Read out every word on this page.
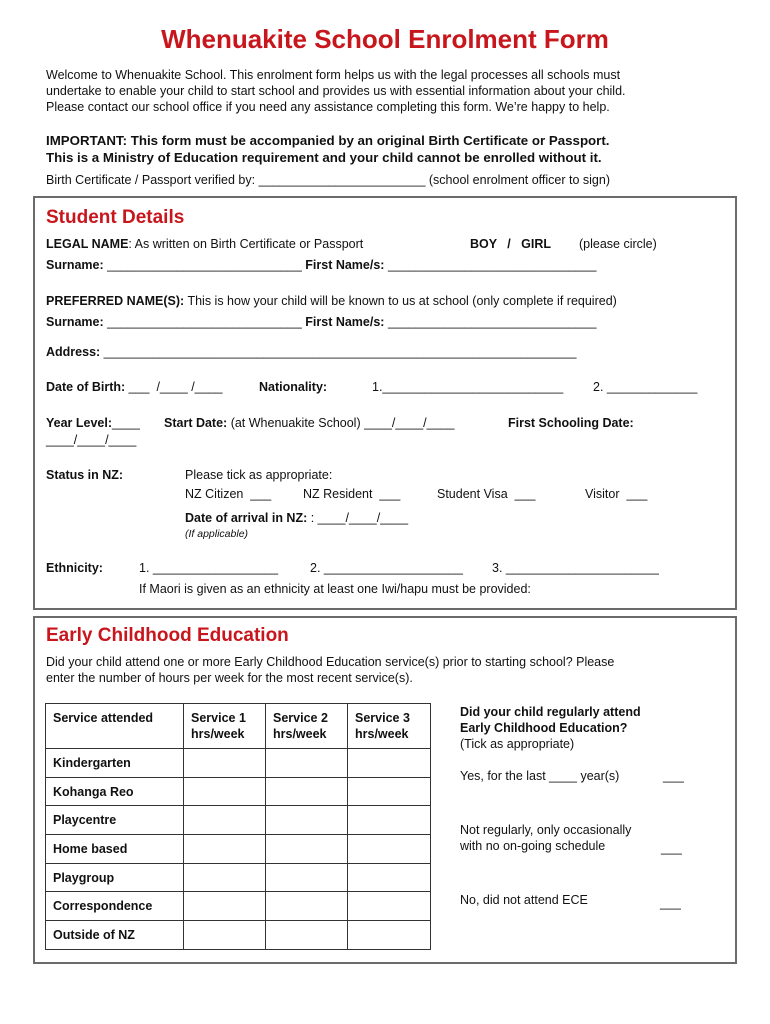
Whenuakite School Enrolment Form
Welcome to Whenuakite School. This enrolment form helps us with the legal processes all schools must
undertake to enable your child to start school and provides us with essential information about your child.
Please contact our school office if you need any assistance completing this form. We’re happy to help.
IMPORTANT: This form must be accompanied by an original Birth Certificate or Passport.
This is a Ministry of Education requirement and your child cannot be enrolled without it.
Birth Certificate / Passport verified by: ________________________ (school enrolment officer to sign)
Student Details
LEGAL NAME: As written on Birth Certificate or Passport	BOY   /   GIRL (please circle)
Surname: ____________________________ First Name/s: ______________________________
PREFERRED NAME(S): This is how your child will be known to us at school (only complete if required)
Surname: ____________________________ First Name/s: ______________________________
Address: ____________________________________________________________________
Date of Birth: ___  /____ /____	Nationality:	1.__________________________ 2. _____________
Year Level:____ Start Date: (at Whenuakite School) ____/____/____	First Schooling Date:
____/____/____
Status in NZ:	Please tick as appropriate:
NZ Citizen  ___	NZ Resident  ___	Student Visa  ___	Visitor  ___
Date of arrival in NZ: : ____/____/____
(If applicable)
Ethnicity:	1. __________________	2. ____________________ 3. ______________________
If Maori is given as an ethnicity at least one Iwi/hapu must be provided:
Early Childhood Education
Did your child attend one or more Early Childhood Education service(s) prior to starting school? Please
enter the number of hours per week for the most recent service(s).
Service attended	Service 1 hrs/week	Service 2 hrs/week	Service 3 hrs/week
Kindergarten			
Kohanga Reo			
Playcentre			
Home based			
Playgroup			
Correspondence			
Outside of NZ			
Did your child regularly attend
Early Childhood Education?
(Tick as appropriate)
Yes, for the last ____ year(s)	___
Not regularly, only occasionally
with no on-going schedule	___
No, did not attend ECE	___
